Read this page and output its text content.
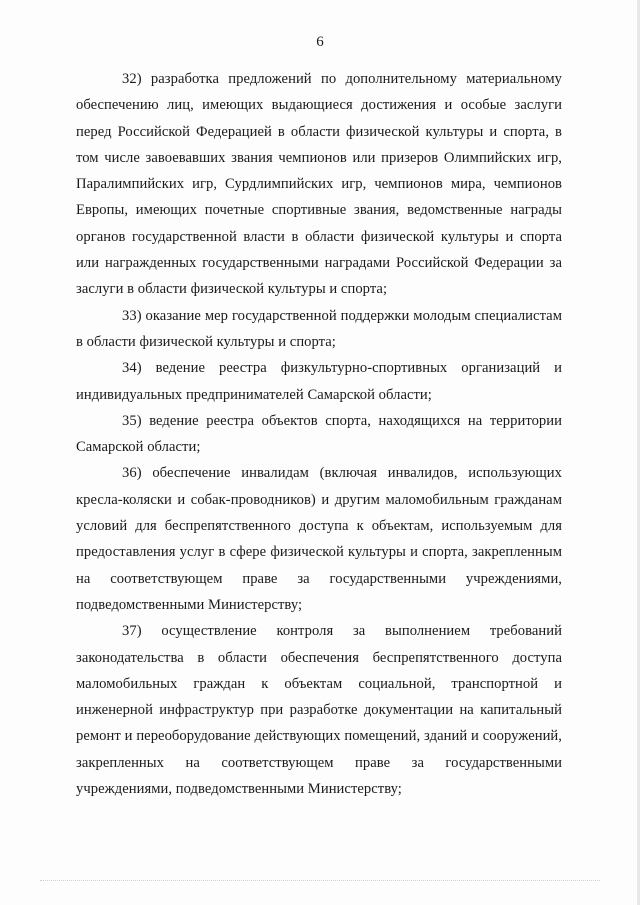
6

32) разработка предложений по дополнительному материальному обеспечению лиц, имеющих выдающиеся достижения и особые заслуги перед Российской Федерацией в области физической культуры и спорта, в том числе завоевавших звания чемпионов или призеров Олимпийских игр, Паралимпийских игр, Сурдлимпийских игр, чемпионов мира, чемпионов Европы, имеющих почетные спортивные звания, ведомственные награды органов государственной власти в области физической культуры и спорта или награжденных государственными наградами Российской Федерации за заслуги в области физической культуры и спорта;

33) оказание мер государственной поддержки молодым специалистам в области физической культуры и спорта;

34) ведение реестра физкультурно-спортивных организаций и индивидуальных предпринимателей Самарской области;

35) ведение реестра объектов спорта, находящихся на территории Самарской области;

36) обеспечение инвалидам (включая инвалидов, использующих кресла-коляски и собак-проводников) и другим маломобильным гражданам условий для беспрепятственного доступа к объектам, используемым для предоставления услуг в сфере физической культуры и спорта, закрепленным на соответствующем праве за государственными учреждениями, подведомственными Министерству;

37) осуществление контроля за выполнением требований законодательства в области обеспечения беспрепятственного доступа маломобильных граждан к объектам социальной, транспортной и инженерной инфраструктур при разработке документации на капитальный ремонт и переоборудование действующих помещений, зданий и сооружений, закрепленных на соответствующем праве за государственными учреждениями, подведомственными Министерству;
